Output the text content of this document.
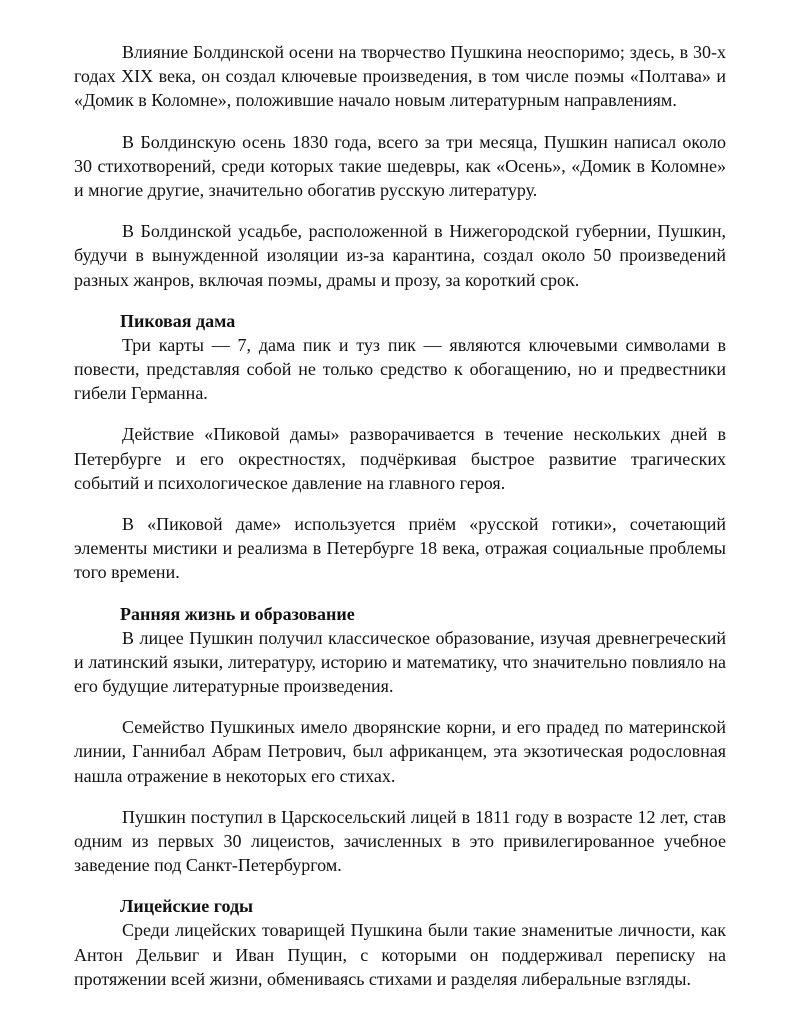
Влияние Болдинской осени на творчество Пушкина неоспоримо; здесь, в 30-х годах XIX века, он создал ключевые произведения, в том числе поэмы «Полтава» и «Домик в Коломне», положившие начало новым литературным направлениям.

В Болдинскую осень 1830 года, всего за три месяца, Пушкин написал около 30 стихотворений, среди которых такие шедевры, как «Осень», «Домик в Коломне» и многие другие, значительно обогатив русскую литературу.

В Болдинской усадьбе, расположенной в Нижегородской губернии, Пушкин, будучи в вынужденной изоляции из-за карантина, создал около 50 произведений разных жанров, включая поэмы, драмы и прозу, за короткий срок.

Пиковая дама

Три карты — 7, дама пик и туз пик — являются ключевыми символами в повести, представляя собой не только средство к обогащению, но и предвестники гибели Германна.

Действие «Пиковой дамы» разворачивается в течение нескольких дней в Петербурге и его окрестностях, подчёркивая быстрое развитие трагических событий и психологическое давление на главного героя.

В «Пиковой даме» используется приём «русской готики», сочетающий элементы мистики и реализма в Петербурге 18 века, отражая социальные проблемы того времени.

Ранняя жизнь и образование

В лицее Пушкин получил классическое образование, изучая древнегреческий и латинский языки, литературу, историю и математику, что значительно повлияло на его будущие литературные произведения.

Семейство Пушкиных имело дворянские корни, и его прадед по материнской линии, Ганнибал Абрам Петрович, был африканцем, эта экзотическая родословная нашла отражение в некоторых его стихах.

Пушкин поступил в Царскосельский лицей в 1811 году в возрасте 12 лет, став одним из первых 30 лицеистов, зачисленных в это привилегированное учебное заведение под Санкт-Петербургом.

Лицейские годы

Среди лицейских товарищей Пушкина были такие знаменитые личности, как Антон Дельвиг и Иван Пущин, с которыми он поддерживал переписку на протяжении всей жизни, обмениваясь стихами и разделяя либеральные взгляды.
